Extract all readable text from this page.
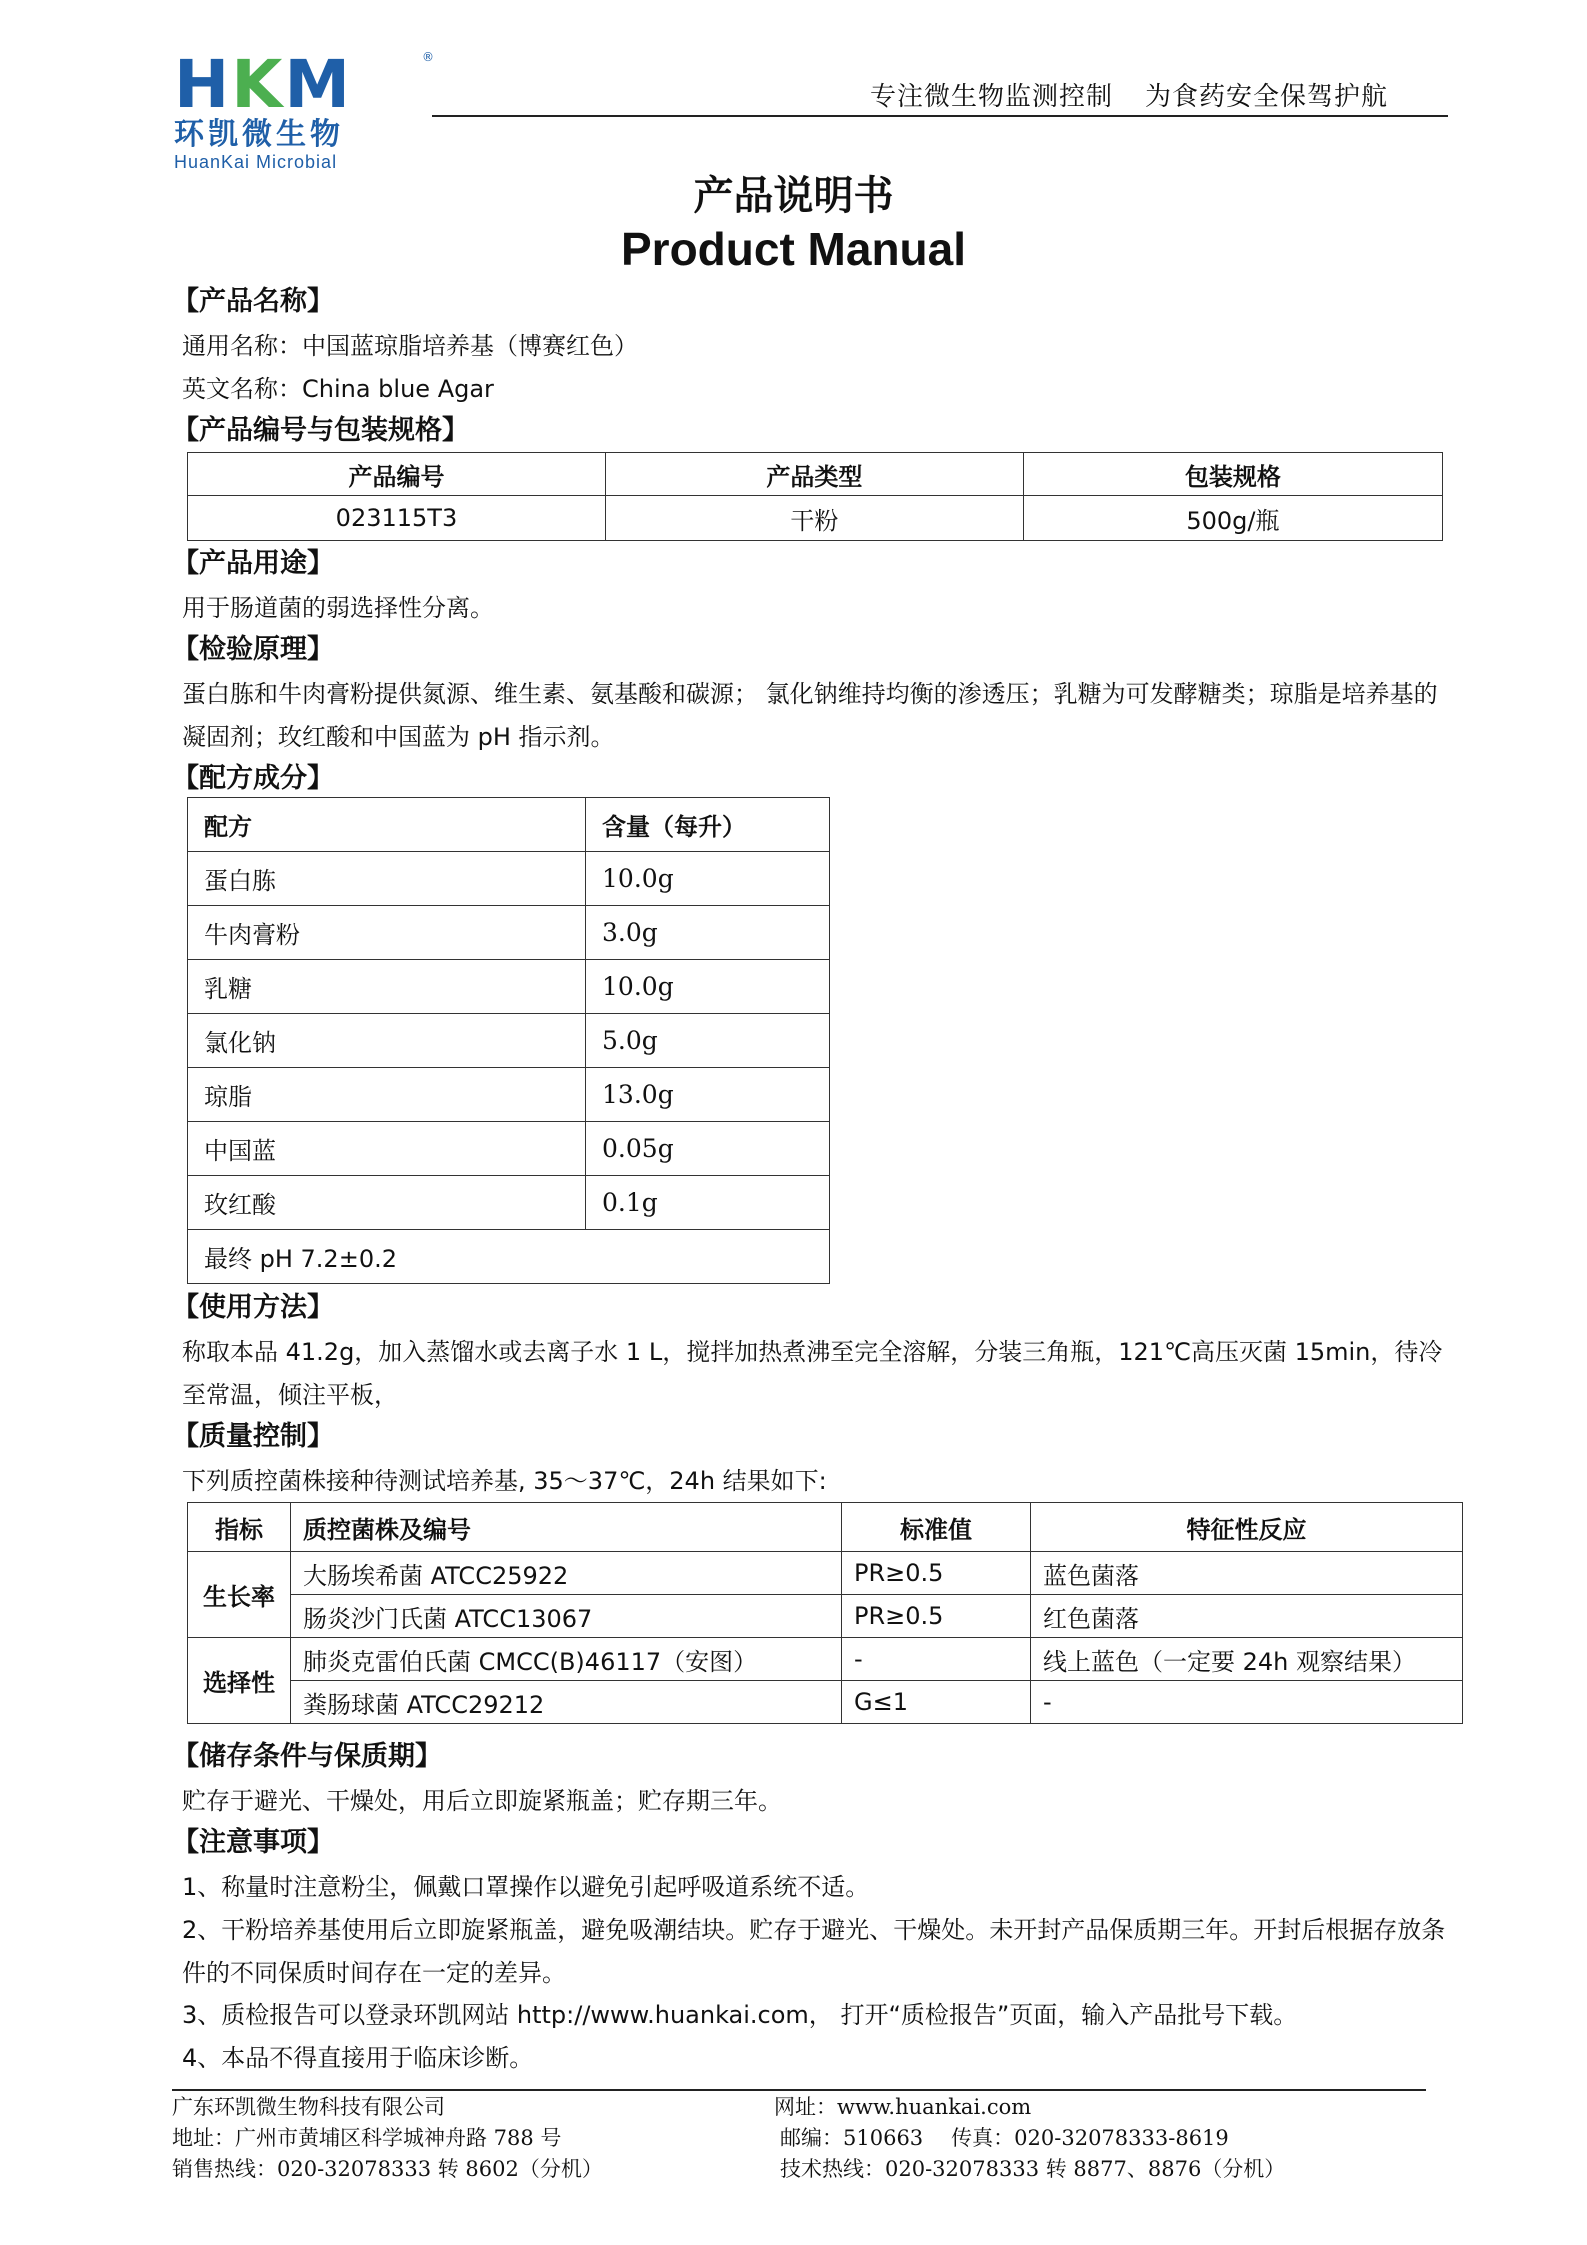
HKM	®
环凯微生物
HuanKai Microbial
专注微生物监测控制 为食药安全保驾护航
产品说明书
Product Manual
【产品名称】
通用名称：中国蓝琼脂培养基（博赛红色）
英文名称：China blue Agar
【产品编号与包装规格】
产品编号	产品类型	包装规格
023115T3	干粉	500g/瓶
【产品用途】
用于肠道菌的弱选择性分离。
【检验原理】
蛋白胨和牛肉膏粉提供氮源、维生素、氨基酸和碳源； 氯化钠维持均衡的渗透压；乳糖为可发酵糖类；琼脂是培养基的凝固剂；玫红酸和中国蓝为 pH 指示剂。
【配方成分】
配方	含量（每升）
蛋白胨	10.0g
牛肉膏粉	3.0g
乳糖	10.0g
氯化钠	5.0g
琼脂	13.0g
中国蓝	0.05g
玫红酸	0.1g
最终 pH 7.2±0.2	
【使用方法】
称取本品 41.2g，加入蒸馏水或去离子水 1 L，搅拌加热煮沸至完全溶解，分装三角瓶，121℃高压灭菌 15min，待冷至常温，倾注平板，
【质量控制】
下列质控菌株接种待测试培养基, 35～37℃，24h 结果如下:
指标	质控菌株及编号	标准值	特征性反应
生长率	大肠埃希菌 ATCC25922	PR≥0.5	蓝色菌落
	肠炎沙门氏菌 ATCC13067	PR≥0.5	红色菌落
选择性	肺炎克雷伯氏菌 CMCC(B)46117（安图）	-	线上蓝色（一定要 24h 观察结果）
	粪肠球菌 ATCC29212	G≤1	-
【储存条件与保质期】
贮存于避光、干燥处，用后立即旋紧瓶盖；贮存期三年。
【注意事项】
1、称量时注意粉尘，佩戴口罩操作以避免引起呼吸道系统不适。
2、干粉培养基使用后立即旋紧瓶盖，避免吸潮结块。贮存于避光、干燥处。未开封产品保质期三年。开封后根据存放条件的不同保质时间存在一定的差异。
3、质检报告可以登录环凯网站 http://www.huankai.com， 打开“质检报告”页面，输入产品批号下载。
4、本品不得直接用于临床诊断。
广东环凯微生物科技有限公司	网址：www.huankai.com
地址：广州市黄埔区科学城神舟路 788 号	邮编：510663 传真：020-32078333-8619
销售热线：020-32078333 转 8602（分机）	技术热线：020-32078333 转 8877、8876（分机）
